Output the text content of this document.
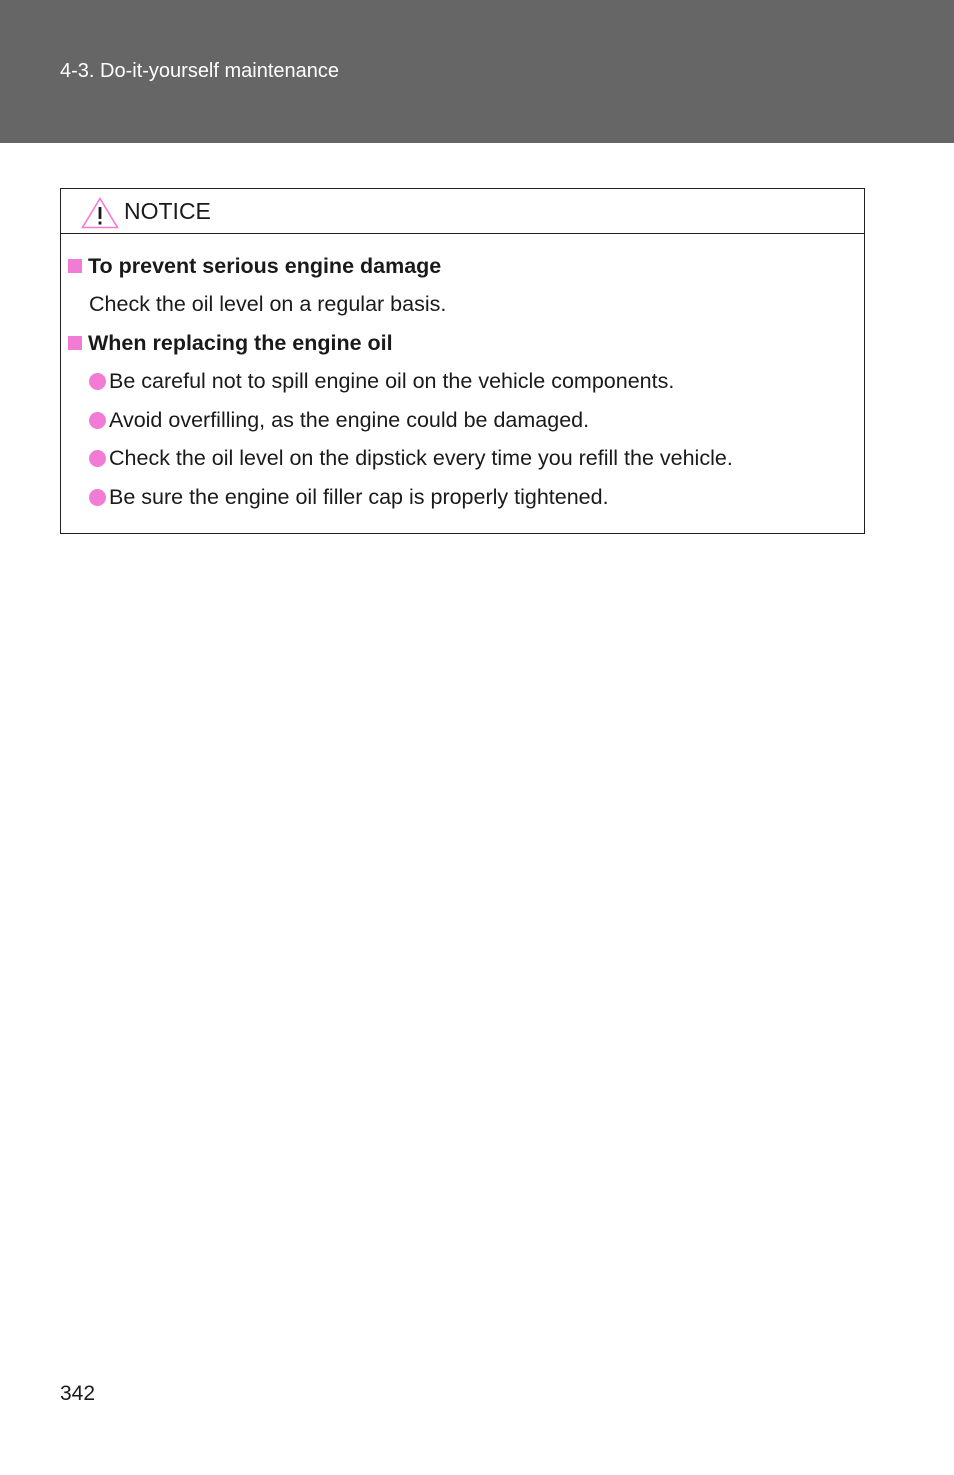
4-3. Do-it-yourself maintenance
NOTICE
To prevent serious engine damage
Check the oil level on a regular basis.
When replacing the engine oil
Be careful not to spill engine oil on the vehicle components.
Avoid overfilling, as the engine could be damaged.
Check the oil level on the dipstick every time you refill the vehicle.
Be sure the engine oil filler cap is properly tightened.
342
